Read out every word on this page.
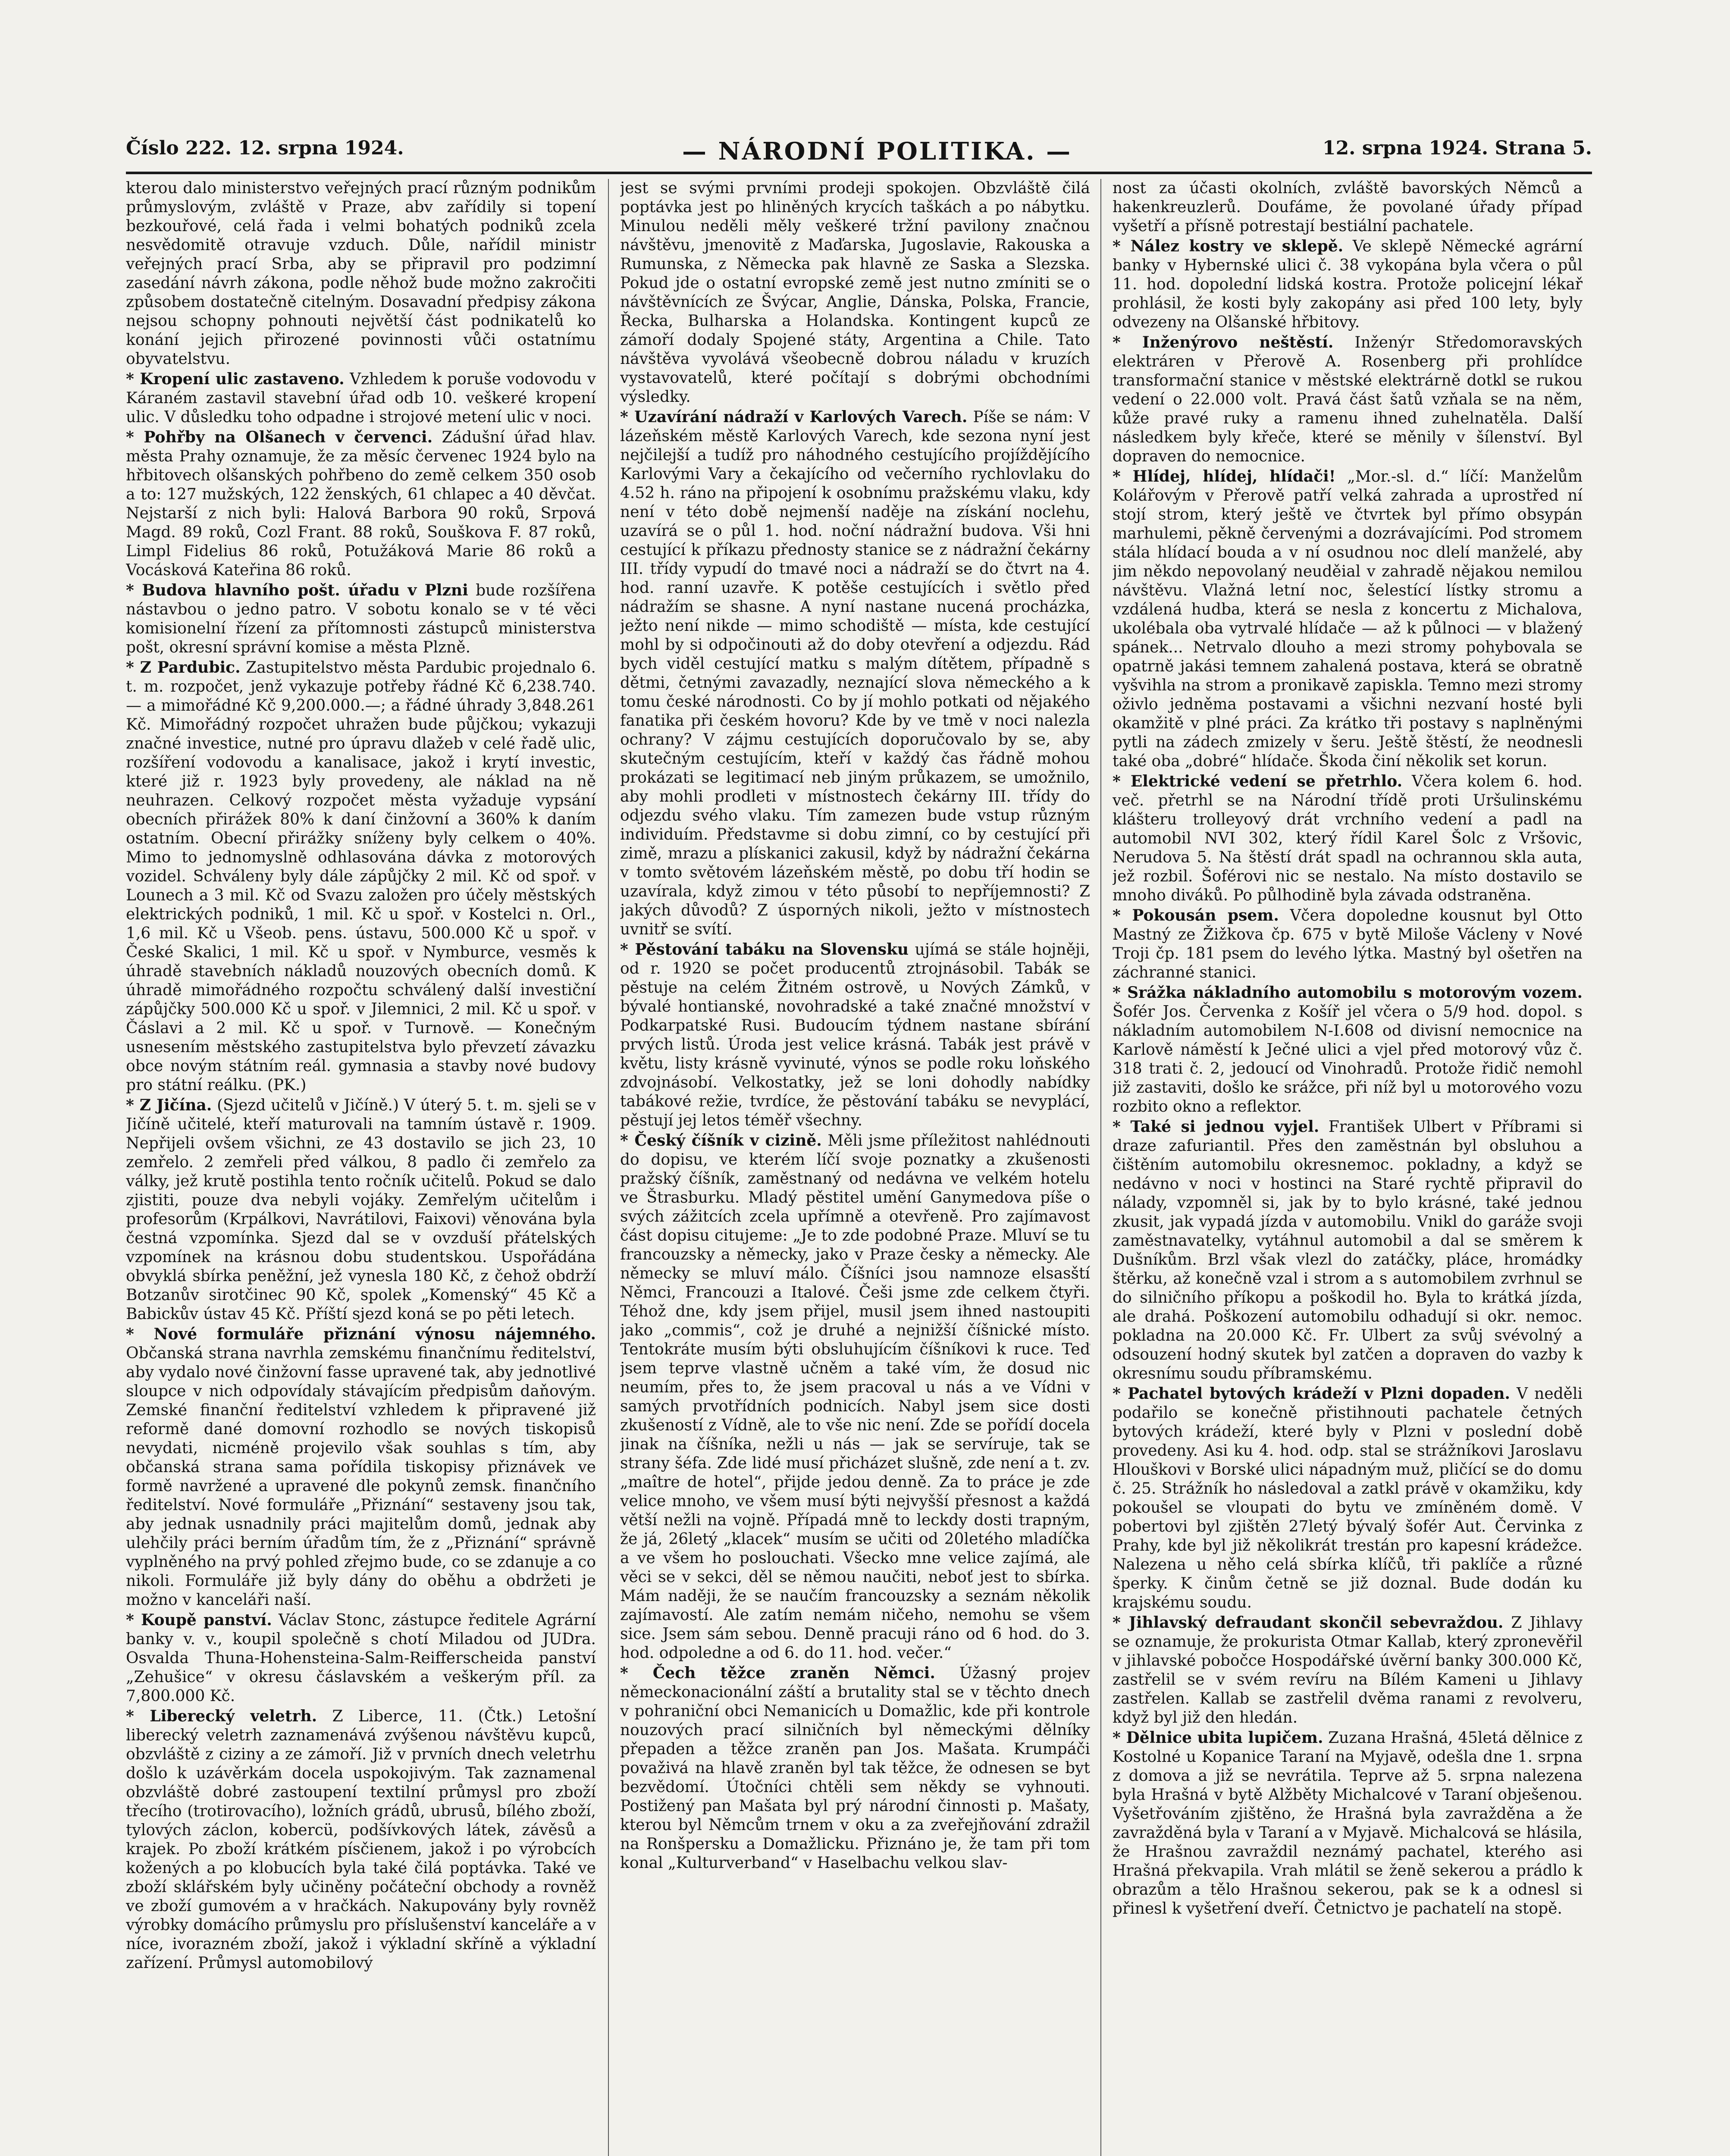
Číslo 222. 12. srpna 1924.	— NÁRODNÍ POLITIKA. —	12. srpna 1924. Strana 5.

kterou dalo ministerstvo veřejných prací různým podnikům průmyslovým, zvláště v Praze, abv zařídily si topení bezkouřové, celá řada i velmi bohatých podniků zcela nesvědomitě otravuje vzduch. Důle, nařídil ministr veřejných prací Srba, aby se připravil pro podzimní zasedání návrh zákona, podle něhož bude možno zakročiti způsobem dostatečně citelným. Dosavadní předpisy zákona nejsou schopny pohnouti největší část podnikatelů ko konání jejich přirozené povinnosti vůči ostatnímu obyvatelstvu.

* Kropení ulic zastaveno. Vzhledem k poruše vodovodu v Káraném zastavil stavební úřad odb 10. veškeré kropení ulic. V důsledku toho odpadne i strojové metení ulic v noci.

* Pohřby na Olšanech v červenci. Zádušní úřad hlav. města Prahy oznamuje, že za měsíc červenec 1924 bylo na hřbitovech olšanských pohřbeno do země celkem 350 osob a to: 127 mužských, 122 ženských, 61 chlapec a 40 děvčat. Nejstarší z nich byli: Halová Barbora 90 roků, Srpová Magd. 89 roků, Cozl Frant. 88 roků, Souškova F. 87 roků, Limpl Fidelius 86 roků, Potužáková Marie 86 roků a Vocásková Kateřina 86 roků.

* Budova hlavního pošt. úřadu v Plzni bude rozšířena nástavbou o jedno patro. V sobotu konalo se v té věci komisionelní řízení za přítomnosti zástupců ministerstva pošt, okresní správní komise a města Plzně.

* Z Pardubic. Zastupitelstvo města Pardubic projednalo 6. t. m. rozpočet, jenž vykazuje potřeby řádné Kč 6,238.740.— a mimořádné Kč 9,200.000.—; a řádné úhrady 3,848.261 Kč. Mimořádný rozpočet uhražen bude půjčkou; vykazuji značné investice, nutné pro úpravu dlažeb v celé řadě ulic, rozšíření vodovodu a kanalisace, jakož i krytí investic, které již r. 1923 byly provedeny, ale náklad na ně neuhrazen. Celkový rozpočet města vyžaduje vypsání obecních přirážek 80% k daní činžovní a 360% k daním ostatním. Obecní přirážky sníženy byly celkem o 40%. Mimo to jednomyslně odhlasována dávka z motorových vozidel. Schváleny byly dále zápůjčky 2 mil. Kč od spoř. v Lounech a 3 mil. Kč od Svazu založen pro účely městských elektrických podniků, 1 mil. Kč u spoř. v Kostelci n. Orl., 1,6 mil. Kč u Všeob. pens. ústavu, 500.000 Kč u spoř. v České Skalici, 1 mil. Kč u spoř. v Nymburce, vesměs k úhradě stavebních nákladů nouzových obecních domů. K úhradě mimořádného rozpočtu schválený další investiční zápůjčky 500.000 Kč u spoř. v Jilemnici, 2 mil. Kč u spoř. v Čáslavi a 2 mil. Kč u spoř. v Turnově. — Konečným usnesením městského zastupitelstva bylo převzetí závazku obce novým státním reál. gymnasia a stavby nové budovy pro státní reálku. (PK.)

* Z Jičína. (Sjezd učitelů v Jičíně.) V úterý 5. t. m. sjeli se v Jičíně učitelé, kteří maturovali na tamním ústavě r. 1909. Nepřijeli ovšem všichni, ze 43 dostavilo se jich 23, 10 zemřelo. 2 zemřeli před válkou, 8 padlo či zemřelo za války, jež krutě postihla tento ročník učitelů. Pokud se dalo zjistiti, pouze dva nebyli vojáky. Zemřelým učitelům i profesorům (Krpálkovi, Navrátilovi, Faixovi) věnována byla čestná vzpomínka. Sjezd dal se v ovzduší přátelských vzpomínek na krásnou dobu studentskou. Uspořádána obvyklá sbírka peněžní, jež vynesla 180 Kč, z čehož obdrží Botzanův sirotčinec 90 Kč, spolek „Komenský“ 45 Kč a Babickův ústav 45 Kč. Příští sjezd koná se po pěti letech.

* Nové formuláře přiznání výnosu nájemného. Občanská strana navrhla zemskému finančnímu ředitelství, aby vydalo nové činžovní fasse upravené tak, aby jednotlivé sloupce v nich odpovídaly stávajícím předpisům daňovým. Zemské finanční ředitelství vzhledem k připravené již reformě dané domovní rozhodlo se nových tiskopisů nevydati, nicméně projevilo však souhlas s tím, aby občanská strana sama pořídila tiskopisy přiznávek ve formě navržené a upravené dle pokynů zemsk. finančního ředitelství. Nové formuláře „Přiznání“ sestaveny jsou tak, aby jednak usnadnily práci majitelům domů, jednak aby ulehčily práci berním úřadům tím, že z „Přiznání“ správně vyplněného na prvý pohled zřejmo bude, co se zdanuje a co nikoli. Formuláře již byly dány do oběhu a obdržeti je možno v kanceláři naší.

* Koupě panství. Václav Stonc, zástupce ředitele Agrární banky v. v., koupil společně s chotí Miladou od JUDra. Osvalda Thuna-Hohensteina-Salm-Reifferscheida panství „Zehušice“ v okresu čáslavském a veškerým příl. za 7,800.000 Kč.

* Liberecký veletrh. Z Liberce, 11. (Čtk.) Letošní liberecký veletrh zaznamenává zvýšenou návštěvu kupců, obzvláště z ciziny a ze zámoří. Již v prvních dnech veletrhu došlo k uzávěrkám docela uspokojivým. Tak zaznamenal obzvláště dobré zastoupení textilní průmysl pro zboží třecího (trotirovacího), ložních grádů, ubrusů, bílého zboží, tylových záclon, kobercü, podšívkových látek, závěsů a krajek. Po zboží krátkém písčienem, jakož i po výrobcích kožených a po klobucích byla také čilá poptávka. Také ve zboží sklářském byly učiněny počáteční obchody a rovněž ve zboží gumovém a v hračkách. Nakupovány byly rovněž výrobky domácího průmyslu pro příslušenství kanceláře a v níce, ivorazném zboží, jakož i výkladní skříně a výkladní zařízení. Průmysl automobilový

jest se svými prvními prodeji spokojen. Obzvláště čilá poptávka jest po hliněných krycích taškách a po nábytku. Minulou neděli měly veškeré tržní pavilony značnou návštěvu, jmenovitě z Maďarska, Jugoslavie, Rakouska a Rumunska, z Německa pak hlavně ze Saska a Slezska. Pokud jde o ostatní evropské země jest nutno zmíniti se o návštěvnících ze Švýcar, Anglie, Dánska, Polska, Francie, Řecka, Bulharska a Holandska. Kontingent kupců ze zámoří dodaly Spojené státy, Argentina a Chile. Tato návštěva vyvolává všeobecně dobrou náladu v kruzích vystavovatelů, které počítají s dobrými obchodními výsledky.

* Uzavírání nádraží v Karlových Varech. Píše se nám: V lázeňském městě Karlových Varech, kde sezona nyní jest nejčilejší a tudíž pro náhodného cestujícího projíždějícího Karlovými Vary a čekajícího od večerního rychlovlaku do 4.52 h. ráno na připojení k osobnímu pražskému vlaku, kdy není v této době nejmenší naděje na získání noclehu, uzavírá se o půl 1. hod. noční nádražní budova. Vši hni cestující k příkazu přednosty stanice se z nádražní čekárny III. třídy vypudí do tmavé noci a nádraží se do čtvrt na 4. hod. ranní uzavře. K potěše cestujících i světlo před nádražím se shasne. A nyní nastane nucená procházka, ježto není nikde — mimo schodiště — místa, kde cestující mohl by si odpočinouti až do doby otevření a odjezdu. Rád bych viděl cestující matku s malým dítětem, případně s dětmi, četnými zavazadly, neznající slova německého a k tomu české národnosti. Co by jí mohlo potkati od nějakého fanatika při českém hovoru? Kde by ve tmě v noci nalezla ochrany? V zájmu cestujících doporučovalo by se, aby skutečným cestujícím, kteří v každý čas řádně mohou prokázati se legitimací neb jiným průkazem, se umožnilo, aby mohli prodleti v místnostech čekárny III. třídy do odjezdu svého vlaku. Tím zamezen bude vstup různým individuím. Představme si dobu zimní, co by cestující při zimě, mrazu a plískanici zakusil, když by nádražní čekárna v tomto světovém lázeňském městě, po dobu tří hodin se uzavírala, když zimou v této působí to nepříjemnosti? Z jakých důvodů? Z úsporných nikoli, ježto v místnostech uvnitř se svítí.

* Pěstování tabáku na Slovensku ujímá se stále hojněji, od r. 1920 se počet producentů ztrojnásobil. Tabák se pěstuje na celém Žitném ostrově, u Nových Zámků, v bývalé hontianské, novohradské a také značné množství v Podkarpatské Rusi. Budoucím týdnem nastane sbírání prvých listů. Úroda jest velice krásná. Tabák jest právě v květu, listy krásně vyvinuté, výnos se podle roku loňského zdvojnásobí. Velkostatky, jež se loni dohodly nabídky tabákové režie, tvrdíce, že pěstování tabáku se nevyplácí, pěstují jej letos téměř všechny.

* Český číšník v cizině. Měli jsme příležitost nahlédnouti do dopisu, ve kterém líčí svoje poznatky a zkušenosti pražský číšník, zaměstnaný od nedávna ve velkém hotelu ve Štrasburku. Mladý pěstitel umění Ganymedova píše o svých zážitcích zcela upřímně a otevřeně. Pro zajímavost část dopisu citujeme: „Je to zde podobné Praze. Mluví se tu francouzsky a německy, jako v Praze česky a německy. Ale německy se mluví málo. Číšníci jsou namnoze elsasští Němci, Francouzi a Italové. Češi jsme zde celkem čtyři. Téhož dne, kdy jsem přijel, musil jsem ihned nastoupiti jako „commis“, což je druhé a nejnižší číšnické místo. Tentokráte musím býti obsluhujícím číšníkovi k ruce. Teď jsem teprve vlastně učněm a také vím, že dosud nic neumím, přes to, že jsem pracoval u nás a ve Vídni v samých prvotřídních podnicích. Nabyl jsem sice dosti zkušeností z Vídně, ale to vše nic není. Zde se pořídí docela jinak na číšníka, nežli u nás — jak se servíruje, tak se strany šéfa. Zde lidé musí přicházet slušně, zde není a t. zv. „maître de hotel“, přijde jedou denně. Za to práce je zde velice mnoho, ve všem musí býti nejvyšší přesnost a každá větší nežli na vojně. Případá mně to leckdy dosti trapným, že já, 26letý „klacek“ musím se učiti od 20letého mladíčka a ve všem ho poslouchati. Všecko mne velice zajímá, ale věci se v sekci, děl se němou naučiti, neboť jest to sbírka. Mám naději, že se naučím francouzsky a seznám několik zajímavostí. Ale zatím nemám ničeho, nemohu se všem sice. Jsem sám sebou. Denně pracuji ráno od 6 hod. do 3. hod. odpoledne a od 6. do 11. hod. večer.“

* Čech těžce zraněn Němci. Úžasný projev německonacionální záští a brutality stal se v těchto dnech v pohraniční obci Nemanicích u Domažlic, kde při kontrole nouzových prací silničních byl německými dělníky přepaden a těžce zraněn pan Jos. Mašata. Krumpáči považivá na hlavě zraněn byl tak těžce, že odnesen se byt bezvědomí. Útočníci chtěli sem někdy se vyhnouti. Postižený pan Mašata byl prý národní činnosti p. Mašaty, kterou byl Němcům trnem v oku a za zveřejňování zdražil na Ronšpersku a Domažlicku. Přiznáno je, že tam při tom konal „Kulturverband“ v Haselbachu velkou slav-

nost za účasti okolních, zvláště bavorských Němců a hakenkreuzlerů. Doufáme, že povolané úřady případ vyšetří a přísně potrestají bestiální pachatele.

* Nález kostry ve sklepě. Ve sklepě Německé agrární banky v Hybernské ulici č. 38 vykopána byla včera o půl 11. hod. dopolední lidská kostra. Protože policejní lékař prohlásil, že kosti byly zakopány asi před 100 lety, byly odvezeny na Olšanské hřbitovy.

* Inženýrovo neštěstí. Inženýr Středomoravských elektráren v Přerově A. Rosenberg při prohlídce transformační stanice v městské elektrárně dotkl se rukou vedení o 22.000 volt. Pravá část šatů vzňala se na něm, kůže pravé ruky a ramenu ihned zuhelnatěla. Další následkem byly křeče, které se měnily v šílenství. Byl dopraven do nemocnice.

* Hlídej, hlídej, hlídači! „Mor.-sl. d.“ líčí: Manželům Kolářovým v Přerově patří velká zahrada a uprostřed ní stojí strom, který ještě ve čtvrtek byl přímo obsypán marhulemi, pěkně červenými a dozrávajícími. Pod stromem stála hlídací bouda a v ní osudnou noc dlelí manželé, aby jim někdo nepovolaný neuděial v zahradě nějakou nemilou návštěvu. Vlažná letní noc, šelestící lístky stromu a vzdálená hudba, která se nesla z koncertu z Michalova, ukolébala oba vytrvalé hlídače — až k půlnoci — v blažený spánek... Netrvalo dlouho a mezi stromy pohybovala se opatrně jakási temnem zahalená postava, která se obratně vyšvihla na strom a pronikavě zapiskla. Temno mezi stromy oživlo jedněma postavami a všichni nezvaní hosté byli okamžitě v plné práci. Za krátko tři postavy s naplněnými pytli na zádech zmizely v šeru. Ještě štěstí, že neodnesli také oba „dobré“ hlídače. Škoda činí několik set korun.

* Elektrické vedení se přetrhlo. Včera kolem 6. hod. več. přetrhl se na Národní třídě proti Uršulinskému klášteru trolleyový drát vrchního vedení a padl na automobil NVI 302, který řídil Karel Šolc z Vršovic, Nerudova 5. Na štěstí drát spadl na ochrannou skla auta, jež rozbil. Šoférovi nic se nestalo. Na místo dostavilo se mnoho diváků. Po půlhodině byla závada odstraněna.

* Pokousán psem. Včera dopoledne kousnut byl Otto Mastný ze Žižkova čp. 675 v bytě Miloše Václeny v Nové Troji čp. 181 psem do levého lýtka. Mastný byl ošetřen na záchranné stanici.

* Srážka nákladního automobilu s motorovým vozem. Šofér Jos. Červenka z Košíř jel včera o 5/9 hod. dopol. s nákladním automobilem N-I.608 od divisní nemocnice na Karlově náměstí k Ječné ulici a vjel před motorový vůz č. 318 trati č. 2, jedoucí od Vinohradů. Protože řidič nemohl již zastaviti, došlo ke srážce, při níž byl u motorového vozu rozbito okno a reflektor.

* Také si jednou vyjel. František Ulbert v Příbrami si draze zafuriantil. Přes den zaměstnán byl obsluhou a čištěním automobilu okresnemoc. pokladny, a když se nedávno v noci v hostinci na Staré rychtě připravil do nálady, vzpomněl si, jak by to bylo krásné, také jednou zkusit, jak vypadá jízda v automobilu. Vnikl do garáže svoji zaměstnavatelky, vytáhnul automobil a dal se směrem k Dušníkům. Brzl však vlezl do zatáčky, pláce, hromádky štěrku, až konečně vzal i strom a s automobilem zvrhnul se do silničního příkopu a poškodil ho. Byla to krátká jízda, ale drahá. Poškození automobilu odhadují si okr. nemoc. pokladna na 20.000 Kč. Fr. Ulbert za svůj svévolný a odsouzení hodný skutek byl zatčen a dopraven do vazby k okresnímu soudu příbramskému.

* Pachatel bytových krádeží v Plzni dopaden. V neděli podařilo se konečně přistihnouti pachatele četných bytových krádeží, které byly v Plzni v poslední době provedeny. Asi ku 4. hod. odp. stal se strážníkovi Jaroslavu Hlouškovi v Borské ulici nápadným muž, pličící se do domu č. 25. Strážník ho následoval a zatkl právě v okamžiku, kdy pokoušel se vloupati do bytu ve zmíněném domě. V pobertovi byl zjištěn 27letý bývalý šofér Aut. Červinka z Prahy, kde byl již několikrát trestán pro kapesní krádežce. Nalezena u něho celá sbírka klíčů, tři paklíče a různé šperky. K činům četně se již doznal. Bude dodán ku krajskému soudu.

* Jihlavský defraudant skončil sebevraždou. Z Jihlavy se oznamuje, že prokurista Otmar Kallab, který zpronevěřil v jihlavské pobočce Hospodářské úvěrní banky 300.000 Kč, zastřelil se v svém revíru na Bílém Kameni u Jihlavy zastřelen. Kallab se zastřelil dvěma ranami z revolveru, když byl již den hledán.

* Dělnice ubita lupičem. Zuzana Hrašná, 45letá dělnice z Kostolné u Kopanice Taraní na Myjavě, odešla dne 1. srpna z domova a již se nevrátila. Teprve až 5. srpna nalezena byla Hrašná v bytě Alžběty Michalcové v Taraní obješenou. Vyšetřováním zjištěno, že Hrašná byla zavražděna a že zavražděná byla v Taraní a v Myjavě. Michalcová se hlásila, že Hrašnou zavraždil neznámý pachatel, kterého asi Hrašná překvapila. Vrah mlátil se ženě sekerou a prádlo k obrazům a tělo Hrašnou sekerou, pak se k a odnesl si přinesl k vyšetření dveří. Četnictvo je pachatelí na stopě.
